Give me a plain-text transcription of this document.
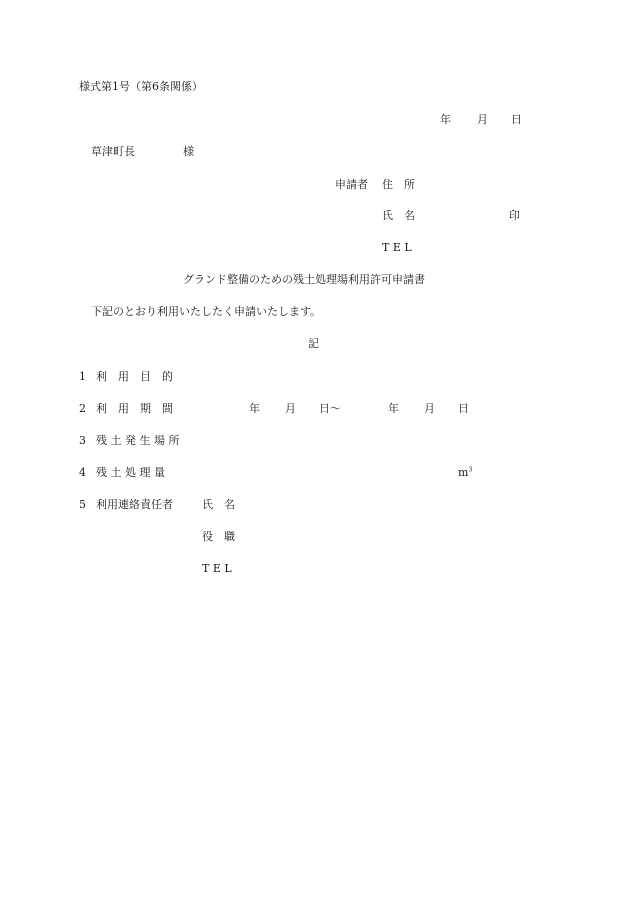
様式第1号（第6条関係）
年 月 日
草津町長	様
申請者 住　所
氏　名	印
T E L
グランド整備のための残土処理場利用許可申請書
下記のとおり利用いたしたく申請いたします。
記
1 利　用　目　的
2 利　用　期　間	年 月 日〜	年 月 日
3 残 土 発 生 場 所
4 残 土 処 理 量	$m^3$
5 利用連絡責任者	氏　名
役　職
T E L
